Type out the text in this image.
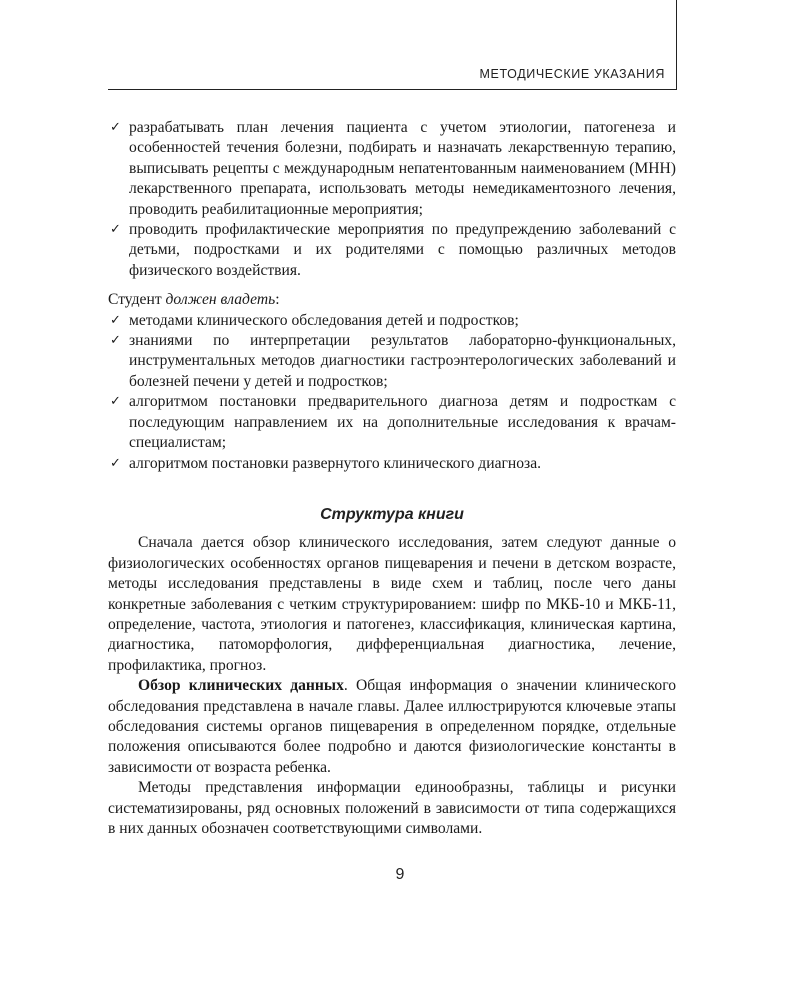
МЕТОДИЧЕСКИЕ УКАЗАНИЯ
✓ разрабатывать план лечения пациента с учетом этиологии, патогенеза и особенностей течения болезни, подбирать и назначать лекарственную терапию, выписывать рецепты с международным непатентованным наименованием (МНН) лекарственного препарата, использовать методы немедикаментозного лечения, проводить реабилитационные мероприятия;
✓ проводить профилактические мероприятия по предупреждению заболеваний с детьми, подростками и их родителями с помощью различных методов физического воздействия.

Студент должен владеть:

✓ методами клинического обследования детей и подростков;
✓ знаниями по интерпретации результатов лабораторно-функциональных, инструментальных методов диагностики гастроэнтерологических заболеваний и болезней печени у детей и подростков;
✓ алгоритмом постановки предварительного диагноза детям и подросткам с последующим направлением их на дополнительные исследования к врачам-специалистам;
✓ алгоритмом постановки развернутого клинического диагноза.
Структура книги

Сначала дается обзор клинического исследования, затем следуют данные о физиологических особенностях органов пищеварения и печени в детском возрасте, методы исследования представлены в виде схем и таблиц, после чего даны конкретные заболевания с четким структурированием: шифр по МКБ-10 и МКБ-11, определение, частота, этиология и патогенез, классификация, клиническая картина, диагностика, патоморфология, дифференциальная диагностика, лечение, профилактика, прогноз.

Обзор клинических данных. Общая информация о значении клинического обследования представлена в начале главы. Далее иллюстрируются ключевые этапы обследования системы органов пищеварения в определенном порядке, отдельные положения описываются более подробно и даются физиологические константы в зависимости от возраста ребенка.

Методы представления информации единообразны, таблицы и рисунки систематизированы, ряд основных положений в зависимости от типа содержащихся в них данных обозначен соответствующими символами.

9
